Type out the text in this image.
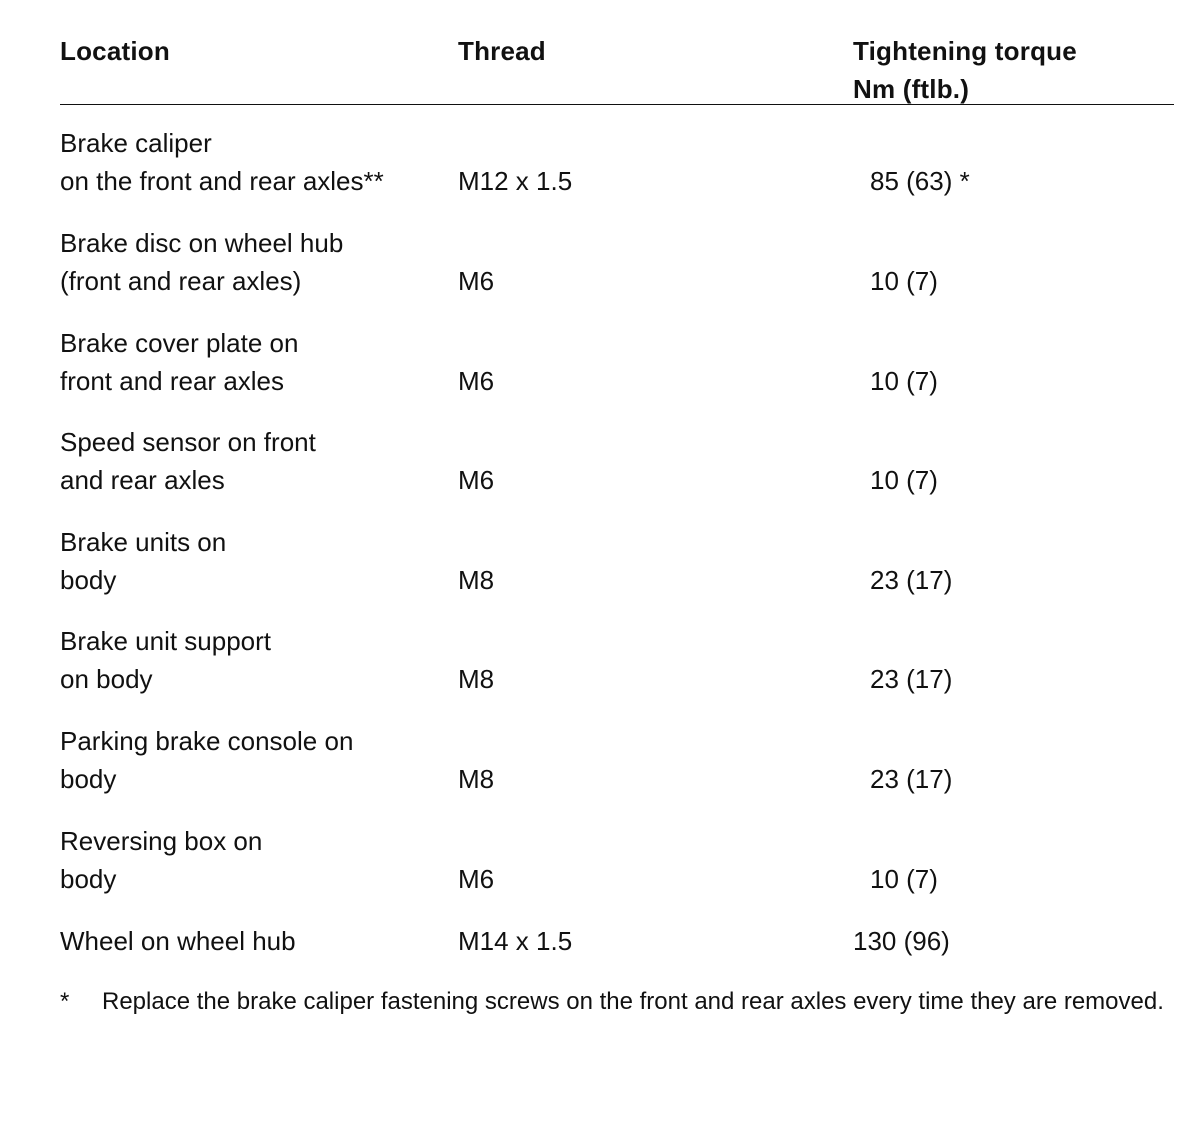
Location	Thread	Tightening torque
Nm (ftlb.)
Brake caliper
on the front and rear axles**	M12 x 1.5	85 (63) *
Brake disc on wheel hub
(front and rear axles)	M6	10 (7)
Brake cover plate on
front and rear axles	M6	10 (7)
Speed sensor on front
and rear axles	M6	10 (7)
Brake units on
body	M8	23 (17)
Brake unit support
on body	M8	23 (17)
Parking brake console on
body	M8	23 (17)
Reversing box on
body	M6	10 (7)
Wheel on wheel hub	M14 x 1.5	130 (96)
* Replace the brake caliper fastening screws on the front and rear axles every time they are removed.
